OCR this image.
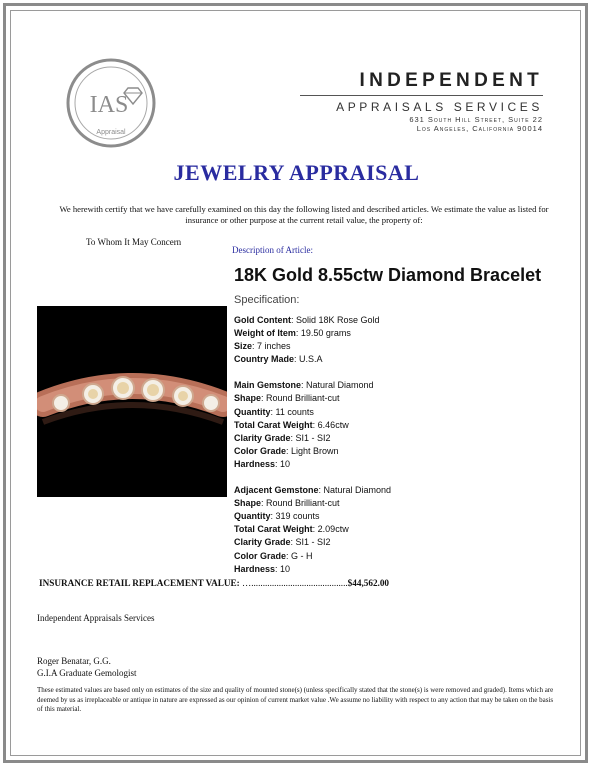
IAS
Appraisal
INDEPENDENT
APPRAISALS SERVICES
631 South Hill Street, Suite 22
Los Angeles, California 90014
JEWELRY APPRAISAL
We herewith certify that we have carefully examined on this day the following listed and described articles. We estimate the value as listed for insurance or other purpose at the current retail value, the property of:
To Whom It May Concern
Description of Article:
18K Gold 8.55ctw Diamond Bracelet
Specification:
Gold Content: Solid 18K Rose Gold
Weight of Item: 19.50 grams
Size: 7 inches
Country Made: U.S.A
Main Gemstone: Natural Diamond
Shape: Round Brilliant-cut
Quantity: 11 counts
Total Carat Weight: 6.46ctw
Clarity Grade: SI1 - SI2
Color Grade: Light Brown
Hardness: 10
Adjacent Gemstone: Natural Diamond
Shape: Round Brilliant-cut
Quantity: 319 counts
Total Carat Weight: 2.09ctw
Clarity Grade: SI1 - SI2
Color Grade: G - H
Hardness: 10
INSURANCE RETAIL REPLACEMENT VALUE: …..........................................$44,562.00
Independent Appraisals Services
Roger Benatar, G.G.
G.I.A Graduate Gemologist
These estimated values are based only on estimates of the size and quality of mounted stone(s) (unless specifically stated that the stone(s) is were removed and graded). Items which are deemed by us as irreplaceable or antique in nature are expressed as our opinion of current market value .We assume no liability with respect to any action that may be taken on the basis of this material.
